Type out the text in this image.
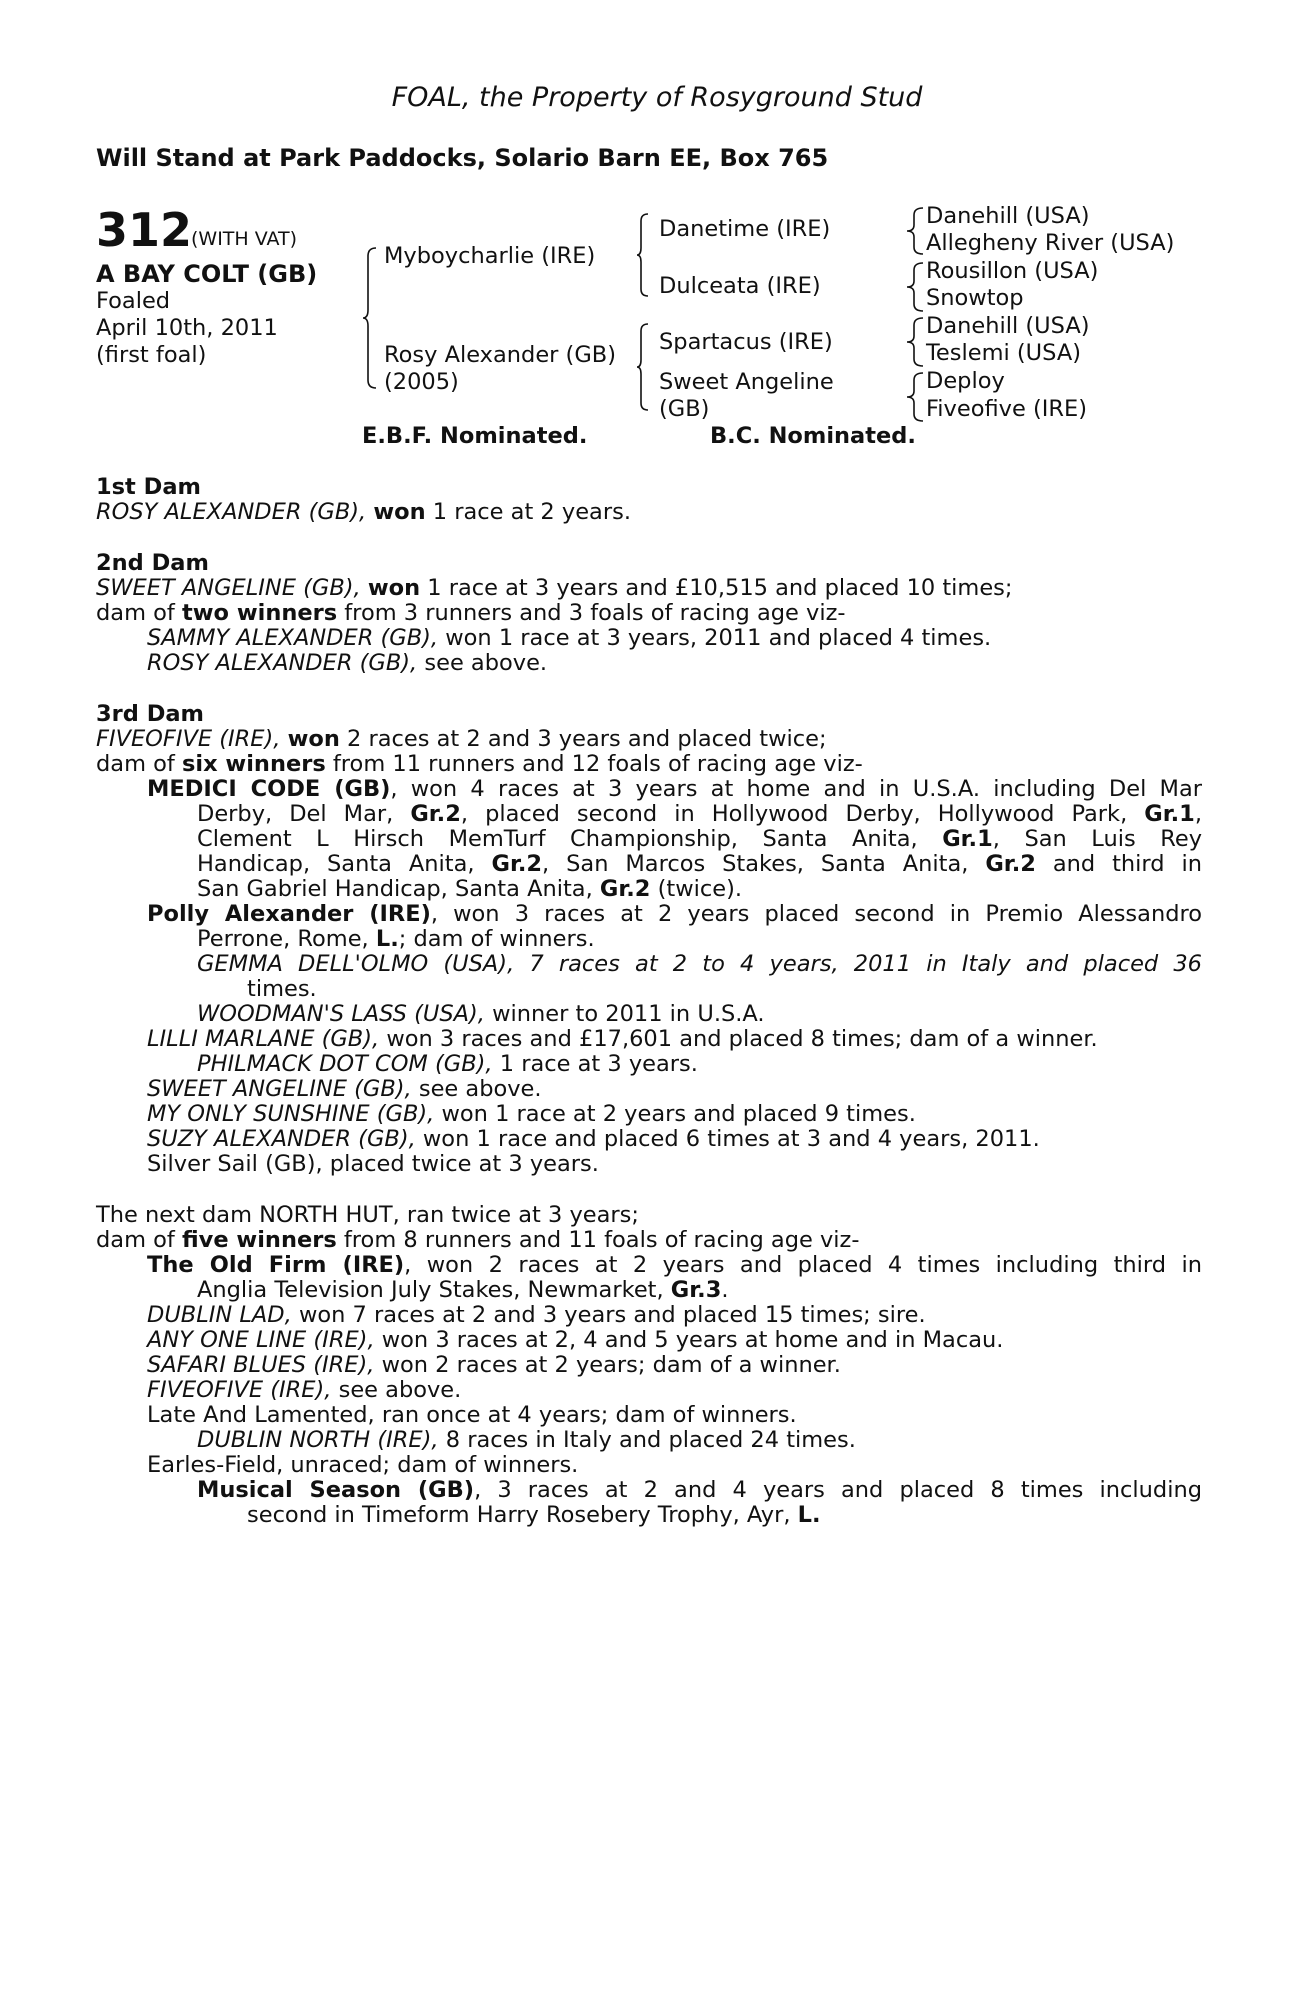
FOAL, the Property of Rosyground Stud
Will Stand at Park Paddocks, Solario Barn EE, Box 765
312
(WITH VAT)
A BAY COLT (GB)
Foaled
April 10th, 2011
(first foal)
Myboycharlie (IRE)
Rosy Alexander (GB)
(2005)
Danetime (IRE)
Dulceata (IRE)
Spartacus (IRE)
Sweet Angeline
(GB)
Danehill (USA)
Allegheny River (USA)
Rousillon (USA)
Snowtop
Danehill (USA)
Teslemi (USA)
Deploy
Fiveofive (IRE)
E.B.F. Nominated.	B.C. Nominated.
1st Dam
ROSY ALEXANDER (GB), won 1 race at 2 years.
2nd Dam
SWEET ANGELINE (GB), won 1 race at 3 years and £10,515 and placed 10 times;
dam of two winners from 3 runners and 3 foals of racing age viz-
SAMMY ALEXANDER (GB), won 1 race at 3 years, 2011 and placed 4 times.
ROSY ALEXANDER (GB), see above.
3rd Dam
FIVEOFIVE (IRE), won 2 races at 2 and 3 years and placed twice;
dam of six winners from 11 runners and 12 foals of racing age viz-
MEDICI CODE (GB), won 4 races at 3 years at home and in U.S.A. including Del Mar
Derby, Del Mar, Gr.2, placed second in Hollywood Derby, Hollywood Park, Gr.1,
Clement L Hirsch MemTurf Championship, Santa Anita, Gr.1, San Luis Rey
Handicap, Santa Anita, Gr.2, San Marcos Stakes, Santa Anita, Gr.2 and third in
San Gabriel Handicap, Santa Anita, Gr.2 (twice).
Polly Alexander (IRE), won 3 races at 2 years placed second in Premio Alessandro
Perrone, Rome, L.; dam of winners.
GEMMA DELL'OLMO (USA), 7 races at 2 to 4 years, 2011 in Italy and placed 36
times.
WOODMAN'S LASS (USA), winner to 2011 in U.S.A.
LILLI MARLANE (GB), won 3 races and £17,601 and placed 8 times; dam of a winner.
PHILMACK DOT COM (GB), 1 race at 3 years.
SWEET ANGELINE (GB), see above.
MY ONLY SUNSHINE (GB), won 1 race at 2 years and placed 9 times.
SUZY ALEXANDER (GB), won 1 race and placed 6 times at 3 and 4 years, 2011.
Silver Sail (GB), placed twice at 3 years.
The next dam NORTH HUT, ran twice at 3 years;
dam of five winners from 8 runners and 11 foals of racing age viz-
The Old Firm (IRE), won 2 races at 2 years and placed 4 times including third in
Anglia Television July Stakes, Newmarket, Gr.3.
DUBLIN LAD, won 7 races at 2 and 3 years and placed 15 times; sire.
ANY ONE LINE (IRE), won 3 races at 2, 4 and 5 years at home and in Macau.
SAFARI BLUES (IRE), won 2 races at 2 years; dam of a winner.
FIVEOFIVE (IRE), see above.
Late And Lamented, ran once at 4 years; dam of winners.
DUBLIN NORTH (IRE), 8 races in Italy and placed 24 times.
Earles-Field, unraced; dam of winners.
Musical Season (GB), 3 races at 2 and 4 years and placed 8 times including
second in Timeform Harry Rosebery Trophy, Ayr, L.
